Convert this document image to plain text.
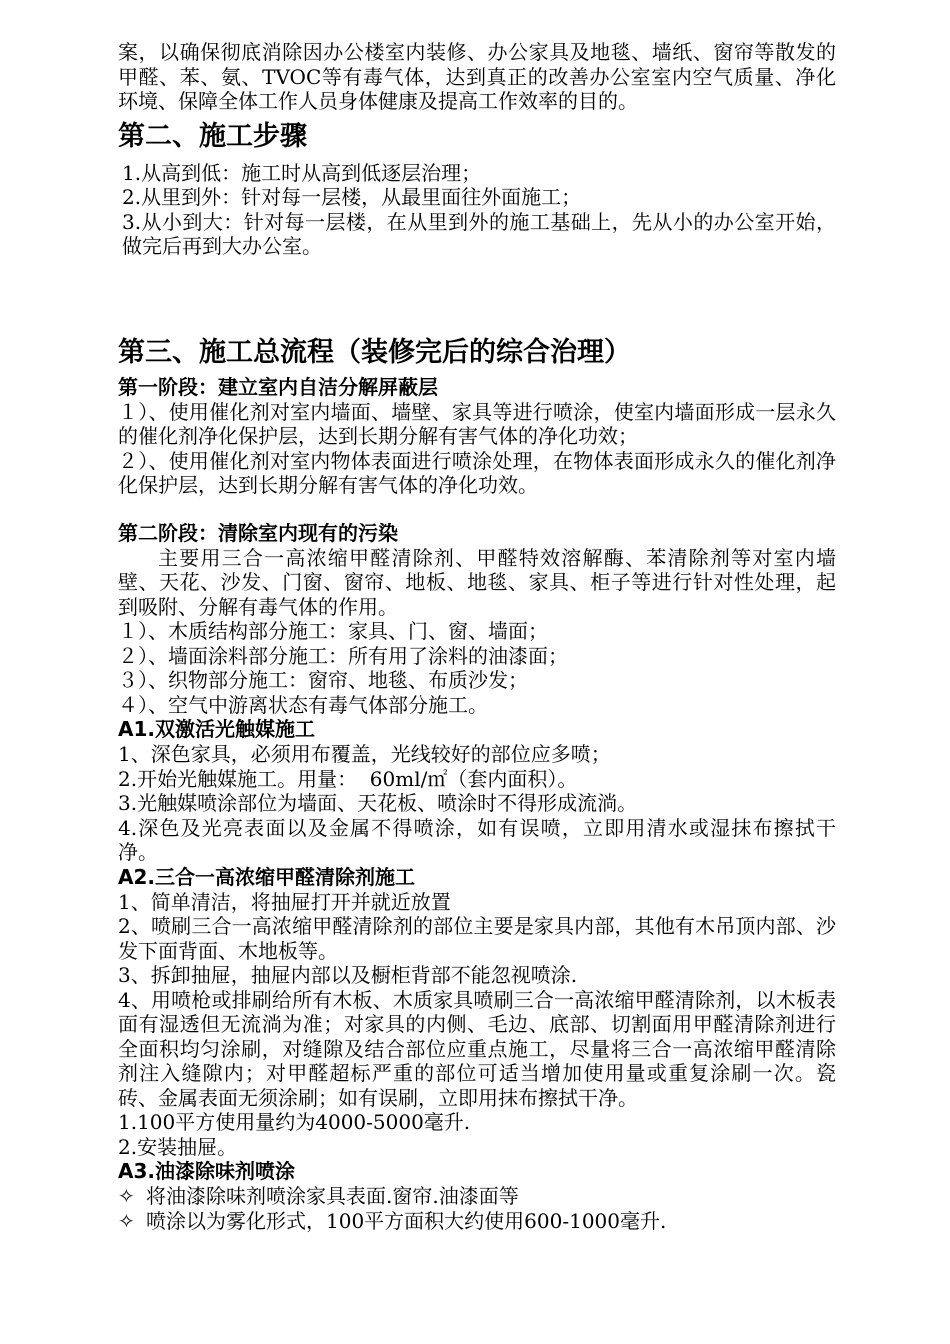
案，以确保彻底消除因办公楼室内装修、办公家具及地毯、墙纸、窗帘等散发的甲醛、苯、氨、TVOC等有毒气体，达到真正的改善办公室室内空气质量、净化环境、保障全体工作人员身体健康及提高工作效率的目的。

第二、施工步骤

1.从高到低：施工时从高到低逐层治理；

2.从里到外：针对每一层楼，从最里面往外面施工；

3.从小到大：针对每一层楼，在从里到外的施工基础上，先从小的办公室开始，做完后再到大办公室。

第三、施工总流程（装修完后的综合治理）

第一阶段：建立室内自洁分解屏蔽层

１）、使用催化剂对室内墙面、墙壁、家具等进行喷涂，使室内墙面形成一层永久的催化剂净化保护层，达到长期分解有害气体的净化功效；

２）、使用催化剂对室内物体表面进行喷涂处理，在物体表面形成永久的催化剂净化保护层，达到长期分解有害气体的净化功效。

第二阶段：清除室内现有的污染

主要用三合一高浓缩甲醛清除剂、甲醛特效溶解酶、苯清除剂等对室内墙壁、天花、沙发、门窗、窗帘、地板、地毯、家具、柜子等进行针对性处理，起到吸附、分解有毒气体的作用。

１）、木质结构部分施工：家具、门、窗、墙面；

２）、墙面涂料部分施工：所有用了涂料的油漆面；

３）、织物部分施工：窗帘、地毯、布质沙发；

４）、空气中游离状态有毒气体部分施工。

A1.双激活光触媒施工

1、深色家具，必须用布覆盖，光线较好的部位应多喷；

2.开始光触媒施工。用量：  60ml/㎡（套内面积）。

3.光触媒喷涂部位为墙面、天花板、喷涂时不得形成流淌。

4.深色及光亮表面以及金属不得喷涂，如有误喷，立即用清水或湿抹布擦拭干净。

A2.三合一高浓缩甲醛清除剂施工

1、简单清洁，将抽屉打开并就近放置

2、喷刷三合一高浓缩甲醛清除剂的部位主要是家具内部，其他有木吊顶内部、沙发下面背面、木地板等。

3、拆卸抽屉，抽屉内部以及橱柜背部不能忽视喷涂.

4、用喷枪或排刷给所有木板、木质家具喷刷三合一高浓缩甲醛清除剂，以木板表面有湿透但无流淌为准；对家具的内侧、毛边、底部、切割面用甲醛清除剂进行全面积均匀涂刷，对缝隙及结合部位应重点施工，尽量将三合一高浓缩甲醛清除剂注入缝隙内；对甲醛超标严重的部位可适当增加使用量或重复涂刷一次。瓷砖、金属表面无须涂刷；如有误刷，立即用抹布擦拭干净。

1.100平方使用量约为4000-5000毫升.

2.安装抽屉。

A3.油漆除味剂喷涂

✧ 将油漆除味剂喷涂家具表面.窗帘.油漆面等
✧ 喷涂以为雾化形式，100平方面积大约使用600-1000毫升.
